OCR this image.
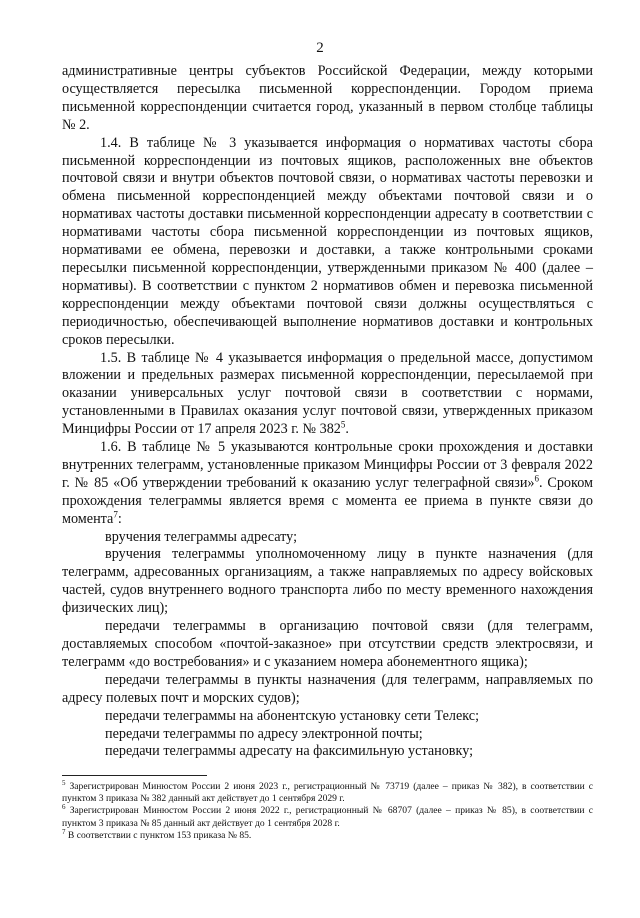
2

административные центры субъектов Российской Федерации, между которыми осуществляется пересылка письменной корреспонденции. Городом приема письменной корреспонденции считается город, указанный в первом столбце таблицы № 2.

1.4. В таблице № 3 указывается информация о нормативах частоты сбора письменной корреспонденции из почтовых ящиков, расположенных вне объектов почтовой связи и внутри объектов почтовой связи, о нормативах частоты перевозки и обмена письменной корреспонденцией между объектами почтовой связи и о нормативах частоты доставки письменной корреспонденции адресату в соответствии с нормативами частоты сбора письменной корреспонденции из почтовых ящиков, нормативами ее обмена, перевозки и доставки, а также контрольными сроками пересылки письменной корреспонденции, утвержденными приказом № 400 (далее – нормативы). В соответствии с пунктом 2 нормативов обмен и перевозка письменной корреспонденции между объектами почтовой связи должны осуществляться с периодичностью, обеспечивающей выполнение нормативов доставки и контрольных сроков пересылки.

1.5. В таблице № 4 указывается информация о предельной массе, допустимом вложении и предельных размерах письменной корреспонденции, пересылаемой при оказании универсальных услуг почтовой связи в соответствии с нормами, установленными в Правилах оказания услуг почтовой связи, утвержденных приказом Минцифры России от 17 апреля 2023 г. № $382^5$.

1.6. В таблице № 5 указываются контрольные сроки прохождения и доставки внутренних телеграмм, установленные приказом Минцифры России от 3 февраля 2022 г. № 85 «Об утверждении требований к оказанию услуг телеграфной связи»$^6$. Сроком прохождения телеграммы является время с момента ее приема в пункте связи до момента$^7$:

вручения телеграммы адресату;

вручения телеграммы уполномоченному лицу в пункте назначения (для телеграмм, адресованных организациям, а также направляемых по адресу войсковых частей, судов внутреннего водного транспорта либо по месту временного нахождения физических лиц);

передачи телеграммы в организацию почтовой связи (для телеграмм, доставляемых способом «почтой-заказное» при отсутствии средств электросвязи, и телеграмм «до востребования» и с указанием номера абонементного ящика);

передачи телеграммы в пункты назначения (для телеграмм, направляемых по адресу полевых почт и морских судов);

передачи телеграммы на абонентскую установку сети Телекс;

передачи телеграммы по адресу электронной почты;

передачи телеграммы адресату на факсимильную установку;

$^5$ Зарегистрирован Минюстом России 2 июня 2023 г., регистрационный № 73719 (далее – приказ № 382), в соответствии с пунктом 3 приказа № 382 данный акт действует до 1 сентября 2029 г.

$^6$ Зарегистрирован Минюстом России 2 июня 2022 г., регистрационный № 68707 (далее – приказ № 85), в соответствии с пунктом 3 приказа № 85 данный акт действует до 1 сентября 2028 г.

$^7$ В соответствии с пунктом 153 приказа № 85.
